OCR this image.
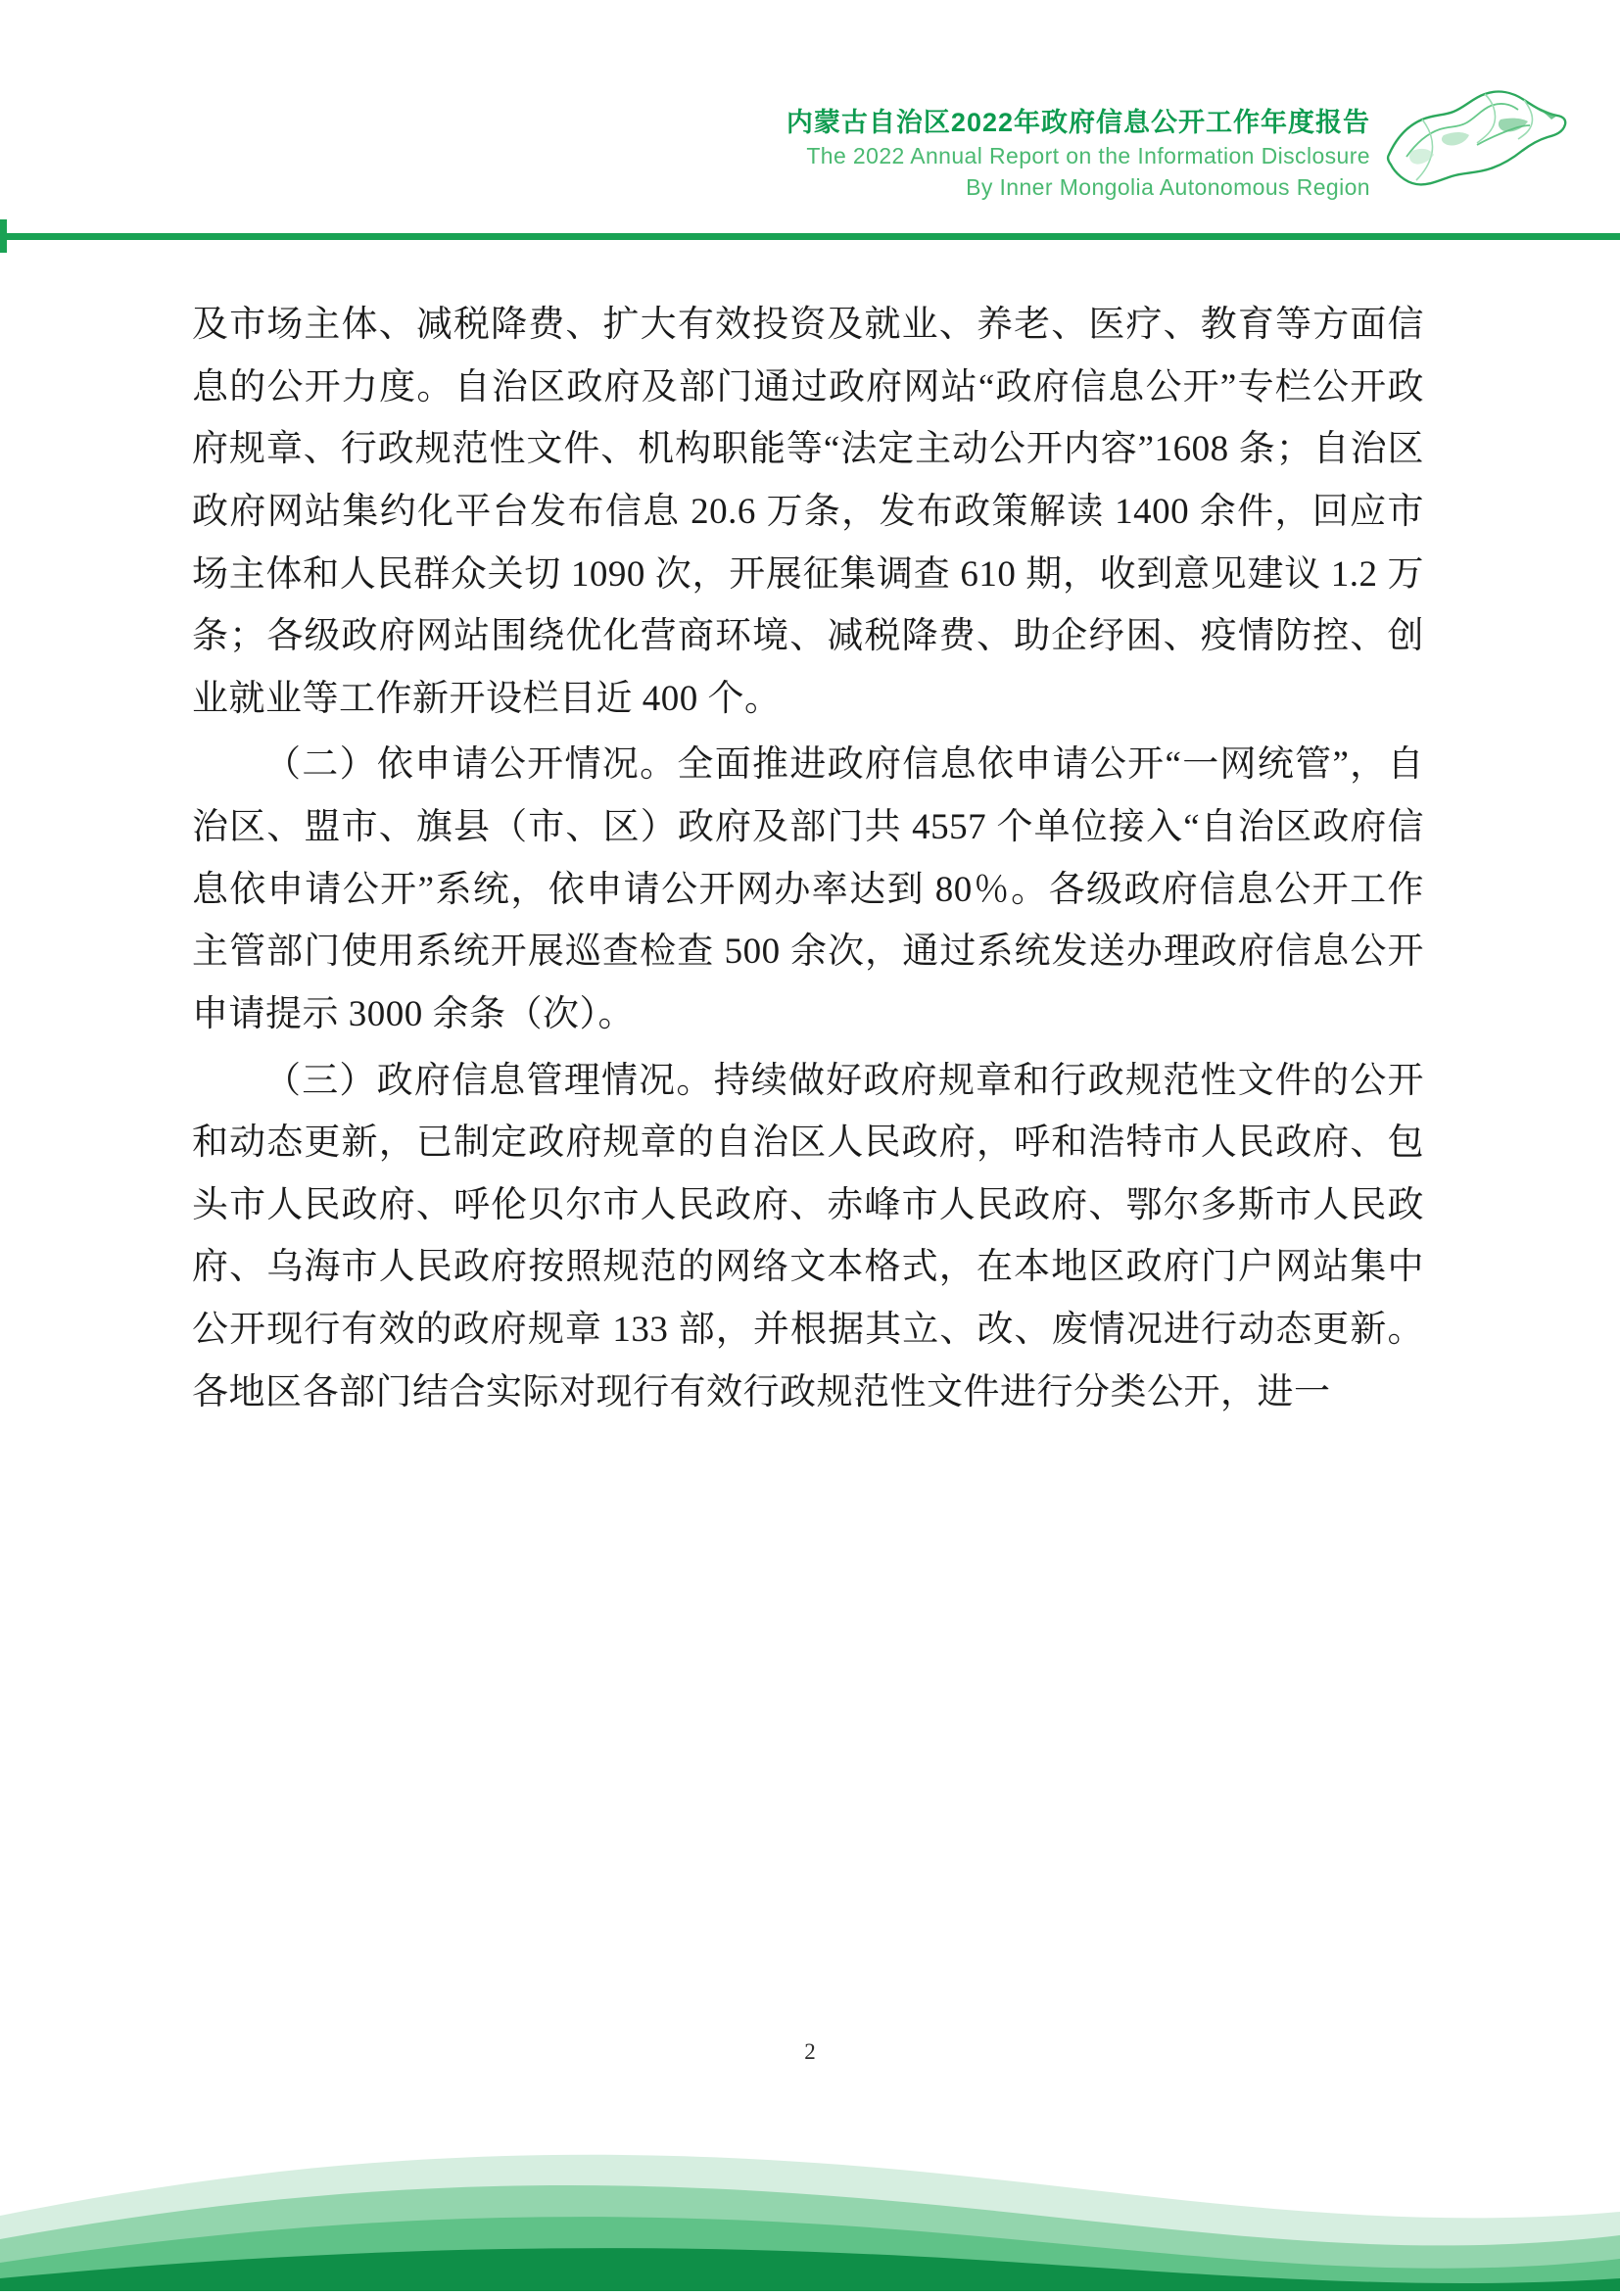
内蒙古自治区2022年政府信息公开工作年度报告
The 2022 Annual Report on the Information Disclosure
By Inner Mongolia Autonomous Region

及市场主体、减税降费、扩大有效投资及就业、养老、医疗、教育等方面信息的公开力度。自治区政府及部门通过政府网站“政府信息公开”专栏公开政府规章、行政规范性文件、机构职能等“法定主动公开内容”1608 条；自治区政府网站集约化平台发布信息 20.6 万条，发布政策解读 1400 余件，回应市场主体和人民群众关切 1090 次，开展征集调查 610 期，收到意见建议 1.2 万条；各级政府网站围绕优化营商环境、减税降费、助企纾困、疫情防控、创业就业等工作新开设栏目近 400 个。

（二）依申请公开情况。全面推进政府信息依申请公开“一网统管”，自治区、盟市、旗县（市、区）政府及部门共 4557 个单位接入“自治区政府信息依申请公开”系统，依申请公开网办率达到 80％。各级政府信息公开工作主管部门使用系统开展巡查检查 500 余次，通过系统发送办理政府信息公开申请提示 3000 余条（次）。

（三）政府信息管理情况。持续做好政府规章和行政规范性文件的公开和动态更新，已制定政府规章的自治区人民政府，呼和浩特市人民政府、包头市人民政府、呼伦贝尔市人民政府、赤峰市人民政府、鄂尔多斯市人民政府、乌海市人民政府按照规范的网络文本格式，在本地区政府门户网站集中公开现行有效的政府规章 133 部，并根据其立、改、废情况进行动态更新。各地区各部门结合实际对现行有效行政规范性文件进行分类公开，进一

2
